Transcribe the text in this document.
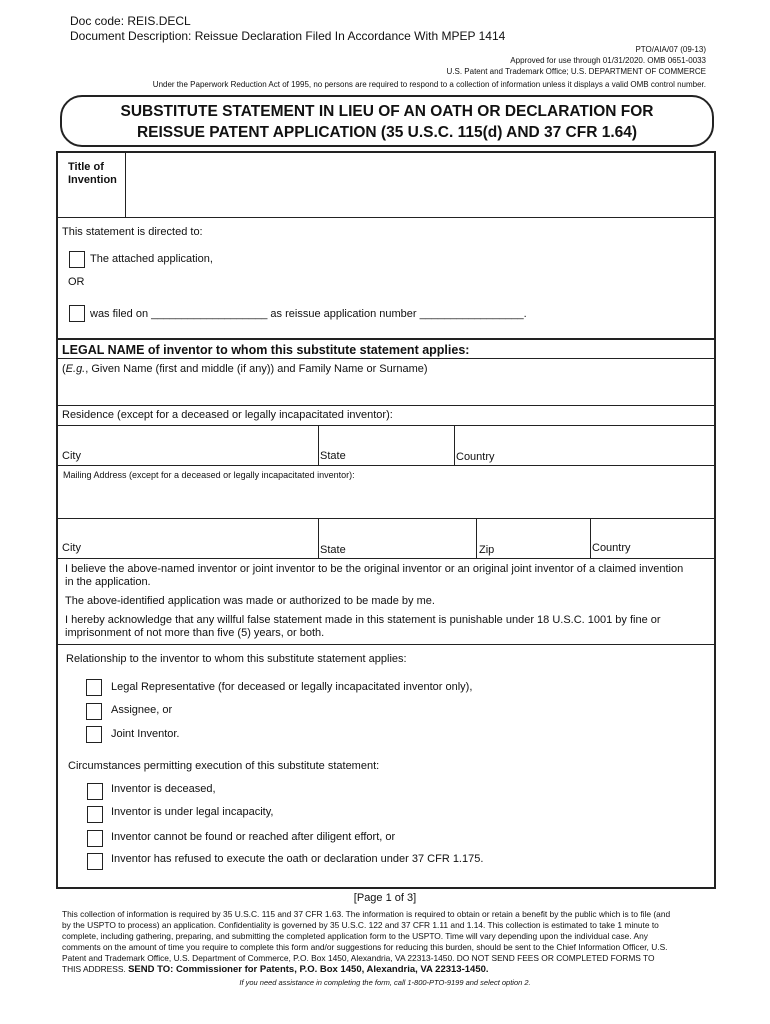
Doc code: REIS.DECL
Document Description: Reissue Declaration Filed In Accordance With MPEP 1414
PTO/AIA/07 (09-13)
Approved for use through 01/31/2020. OMB 0651-0033
U.S. Patent and Trademark Office; U.S. DEPARTMENT OF COMMERCE
Under the Paperwork Reduction Act of 1995, no persons are required to respond to a collection of information unless it displays a valid OMB control number.
SUBSTITUTE STATEMENT IN LIEU OF AN OATH OR DECLARATION FOR
REISSUE PATENT APPLICATION (35 U.S.C. 115(d) AND 37 CFR 1.64)
Title of
Invention
This statement is directed to:
The attached application,
OR
was filed on ___________________ as reissue application number _________________.
LEGAL NAME of inventor to whom this substitute statement applies:
(E.g., Given Name (first and middle (if any)) and Family Name or Surname)
Residence (except for a deceased or legally incapacitated inventor):
City	State	Country
Mailing Address (except for a deceased or legally incapacitated inventor):
City	State	Zip	Country
I believe the above-named inventor or joint inventor to be the original inventor or an original joint inventor of a claimed invention
in the application.
The above-identified application was made or authorized to be made by me.
I hereby acknowledge that any willful false statement made in this statement is punishable under 18 U.S.C. 1001 by fine or
imprisonment of not more than five (5) years, or both.
Relationship to the inventor to whom this substitute statement applies:
Legal Representative (for deceased or legally incapacitated inventor only),
Assignee, or
Joint Inventor.
Circumstances permitting execution of this substitute statement:
Inventor is deceased,
Inventor is under legal incapacity,
Inventor cannot be found or reached after diligent effort, or
Inventor has refused to execute the oath or declaration under 37 CFR 1.175.
[Page 1 of 3]
This collection of information is required by 35 U.S.C. 115 and 37 CFR 1.63. The information is required to obtain or retain a benefit by the public which is to file (and
by the USPTO to process) an application. Confidentiality is governed by 35 U.S.C. 122 and 37 CFR 1.11 and 1.14. This collection is estimated to take 1 minute to
complete, including gathering, preparing, and submitting the completed application form to the USPTO. Time will vary depending upon the individual case. Any
comments on the amount of time you require to complete this form and/or suggestions for reducing this burden, should be sent to the Chief Information Officer, U.S.
Patent and Trademark Office, U.S. Department of Commerce, P.O. Box 1450, Alexandria, VA 22313-1450. DO NOT SEND FEES OR COMPLETED FORMS TO
THIS ADDRESS. SEND TO: Commissioner for Patents, P.O. Box 1450, Alexandria, VA 22313-1450.
If you need assistance in completing the form, call 1-800-PTO-9199 and select option 2.
